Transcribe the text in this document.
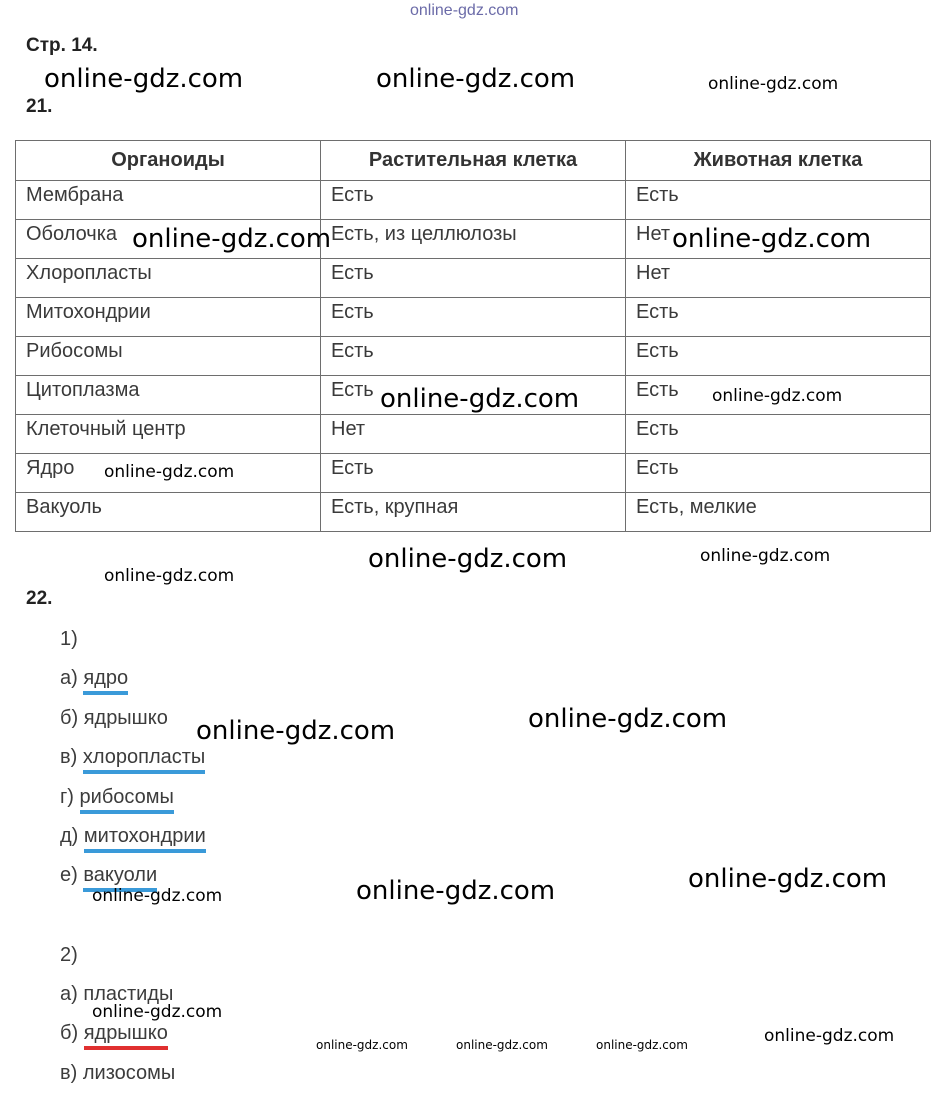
online-gdz.com
Стр. 14.
21.
Органоиды	Растительная клетка	Животная клетка
Мембрана	Есть	Есть
Оболочка	Есть, из целлюлозы	Нет
Хлоропласты	Есть	Нет
Митохондрии	Есть	Есть
Рибосомы	Есть	Есть
Цитоплазма	Есть	Есть
Клеточный центр	Нет	Есть
Ядро	Есть	Есть
Вакуоль	Есть, крупная	Есть, мелкие
22.
1)
а) ядро
б) ядрышко
в) хлоропласты
г) рибосомы
д) митохондрии
е) вакуоли
2)
а) пластиды
б) ядрышко
в) лизосомы
online-gdz.com	online-gdz.com	online-gdz.com
online-gdz.com	online-gdz.com
online-gdz.com	online-gdz.com
online-gdz.com
online-gdz.com	online-gdz.com
online-gdz.com
online-gdz.com	online-gdz.com
online-gdz.com
online-gdz.com
online-gdz.com
online-gdz.com
online-gdz.com
online-gdz.com	online-gdz.com	online-gdz.com
